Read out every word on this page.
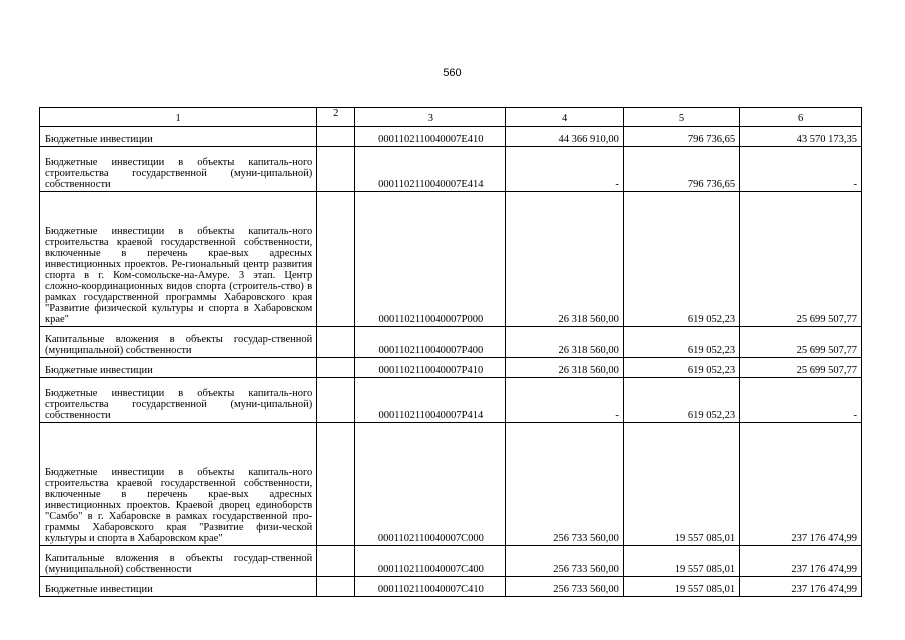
560
1	2	3	4	5	6
Бюджетные инвестиции		0001102110040007E410	44 366 910,00	796 736,65	43 570 173,35
Бюджетные инвестиции в объекты капиталь-ного строительства государственной (муни-ципальной) собственности		0001102110040007E414	-	796 736,65	-
Бюджетные инвестиции в объекты капиталь-ного строительства краевой государственной собственности, включенные в перечень крае-вых адресных инвестиционных проектов. Ре-гиональный центр развития спорта в г. Ком-сомольске-на-Амуре. 3 этап. Центр сложно-координационных видов спорта (строитель-ство) в рамках государственной программы Хабаровского края "Развитие физической культуры и спорта в Хабаровском крае"		0001102110040007P000	26 318 560,00	619 052,23	25 699 507,77
Капитальные вложения в объекты государ-ственной (муниципальной) собственности		0001102110040007P400	26 318 560,00	619 052,23	25 699 507,77
Бюджетные инвестиции		0001102110040007P410	26 318 560,00	619 052,23	25 699 507,77
Бюджетные инвестиции в объекты капиталь-ного строительства государственной (муни-ципальной) собственности		0001102110040007P414	-	619 052,23	-
Бюджетные инвестиции в объекты капиталь-ного строительства краевой государственной собственности, включенные в перечень крае-вых адресных инвестиционных проектов. Краевой дворец единоборств "Самбо" в г. Хабаровске в рамках государственной про-граммы Хабаровского края "Развитие физи-ческой культуры и спорта в Хабаровском крае"		0001102110040007C000	256 733 560,00	19 557 085,01	237 176 474,99
Капитальные вложения в объекты государ-ственной (муниципальной) собственности		0001102110040007C400	256 733 560,00	19 557 085,01	237 176 474,99
Бюджетные инвестиции		0001102110040007C410	256 733 560,00	19 557 085,01	237 176 474,99
